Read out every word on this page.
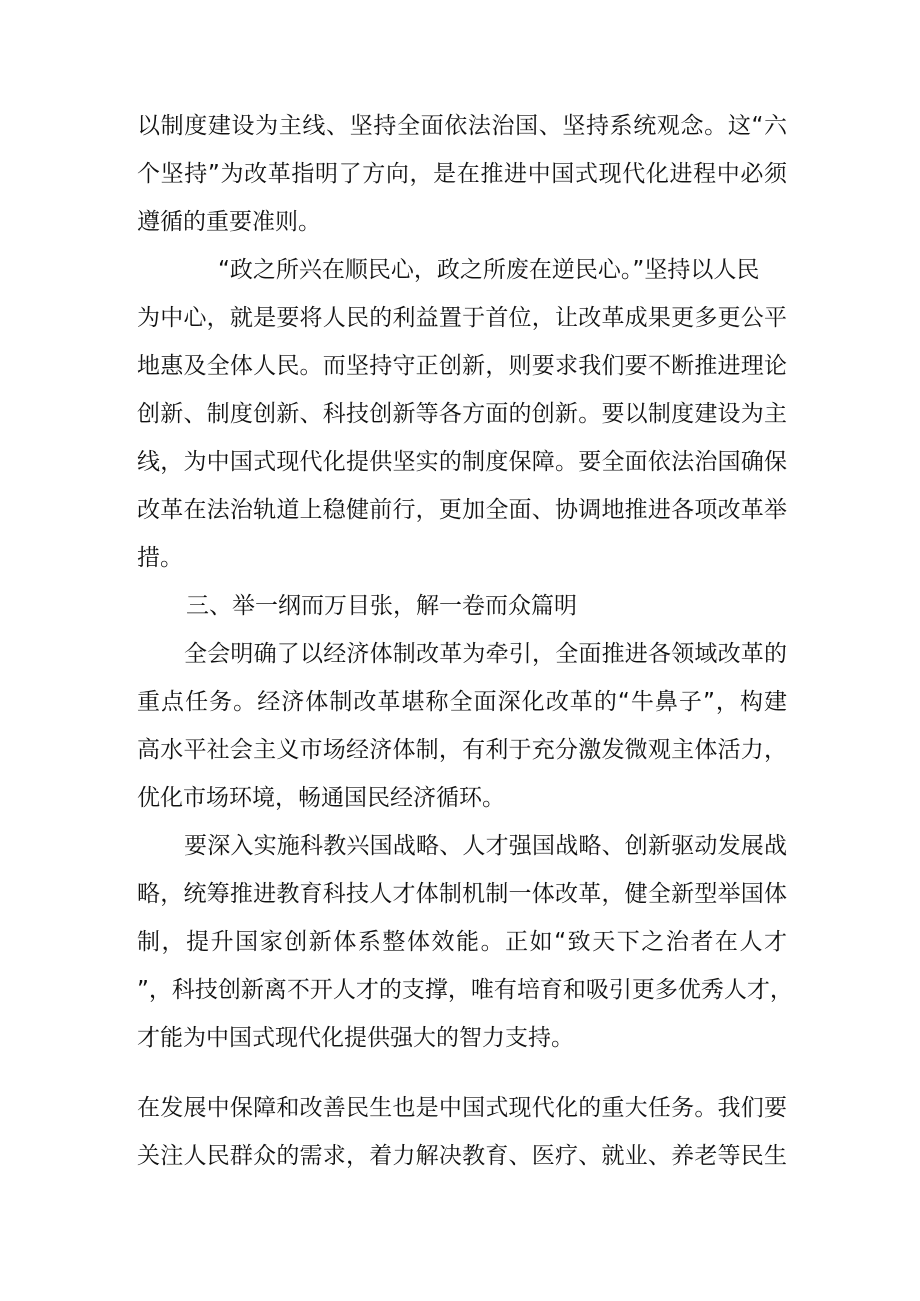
以制度建设为主线、坚持全面依法治国、坚持系统观念。这“六
个坚持”为改革指明了方向，是在推进中国式现代化进程中必须
遵循的重要准则。
“政之所兴在顺民心，政之所废在逆民心。”坚持以人民
为中心，就是要将人民的利益置于首位，让改革成果更多更公平
地惠及全体人民。而坚持守正创新，则要求我们要不断推进理论
创新、制度创新、科技创新等各方面的创新。要以制度建设为主
线，为中国式现代化提供坚实的制度保障。要全面依法治国确保
改革在法治轨道上稳健前行，更加全面、协调地推进各项改革举
措。
三、举一纲而万目张，解一卷而众篇明
全会明确了以经济体制改革为牵引，全面推进各领域改革的
重点任务。经济体制改革堪称全面深化改革的“牛鼻子”，构建
高水平社会主义市场经济体制，有利于充分激发微观主体活力，
优化市场环境，畅通国民经济循环。
要深入实施科教兴国战略、人才强国战略、创新驱动发展战
略，统筹推进教育科技人才体制机制一体改革，健全新型举国体
制，提升国家创新体系整体效能。正如“致天下之治者在人才
”，科技创新离不开人才的支撑，唯有培育和吸引更多优秀人才，
才能为中国式现代化提供强大的智力支持。
在发展中保障和改善民生也是中国式现代化的重大任务。我们要
关注人民群众的需求，着力解决教育、医疗、就业、养老等民生
